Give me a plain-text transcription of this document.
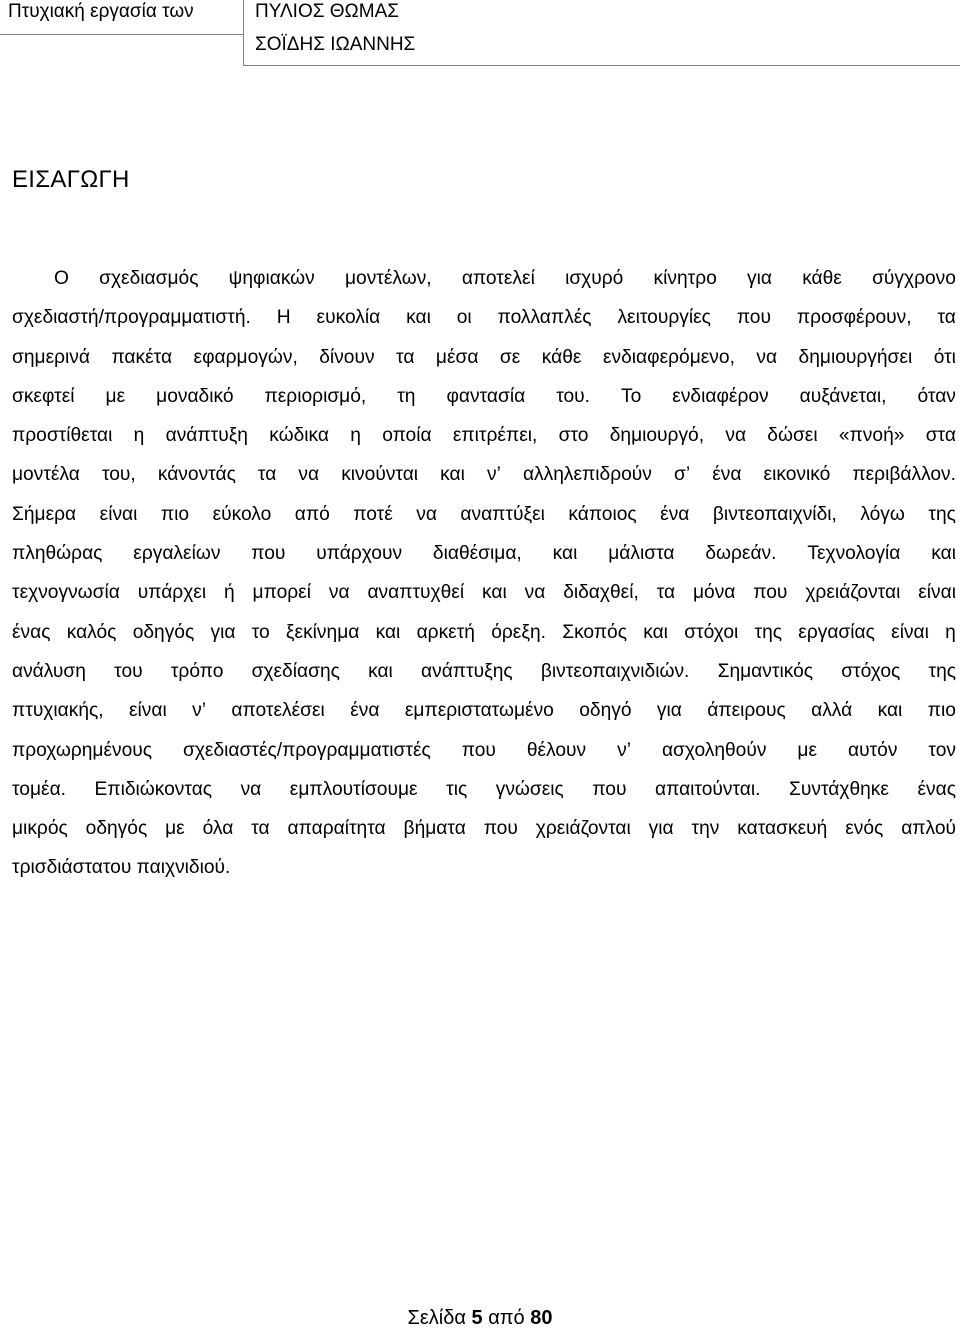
Πτυχιακή εργασία των	ΠΥΛΙΟΣ ΘΩΜΑΣ
ΣΟΪΔΗΣ ΙΩΑΝΝΗΣ
ΕΙΣΑΓΩΓΗ
Ο σχεδιασμός ψηφιακών μοντέλων, αποτελεί ισχυρό κίνητρο για κάθε σύγχρονο
σχεδιαστή/προγραμματιστή. Η ευκολία και οι πολλαπλές λειτουργίες που προσφέρουν, τα
σημερινά πακέτα εφαρμογών, δίνουν τα μέσα σε κάθε ενδιαφερόμενο, να δημιουργήσει ότι
σκεφτεί με μοναδικό περιορισμό, τη φαντασία του. Το ενδιαφέρον αυξάνεται, όταν
προστίθεται η ανάπτυξη κώδικα η οποία επιτρέπει, στο δημιουργό, να δώσει «πνοή» στα
μοντέλα του, κάνοντάς τα να κινούνται και ν’ αλληλεπιδρούν σ’ ένα εικονικό περιβάλλον.
Σήμερα είναι πιο εύκολο από ποτέ να αναπτύξει κάποιος ένα βιντεοπαιχνίδι, λόγω της
πληθώρας εργαλείων που υπάρχουν διαθέσιμα, και μάλιστα δωρεάν. Τεχνολογία και
τεχνογνωσία υπάρχει ή μπορεί να αναπτυχθεί και να διδαχθεί, τα μόνα που χρειάζονται είναι
ένας καλός οδηγός για το ξεκίνημα και αρκετή όρεξη. Σκοπός και στόχοι της εργασίας είναι η
ανάλυση του τρόπο σχεδίασης και ανάπτυξης βιντεοπαιχνιδιών. Σημαντικός στόχος της
πτυχιακής, είναι ν’ αποτελέσει ένα εμπεριστατωμένο οδηγό για άπειρους αλλά και πιο
προχωρημένους σχεδιαστές/προγραμματιστές που θέλουν ν’ ασχοληθούν με αυτόν τον
τομέα. Επιδιώκοντας να εμπλουτίσουμε τις γνώσεις που απαιτούνται. Συντάχθηκε ένας
μικρός οδηγός με όλα τα απαραίτητα βήματα που χρειάζονται για την κατασκευή ενός απλού
τρισδιάστατου παιχνιδιού.
Σελίδα 5 από 80
